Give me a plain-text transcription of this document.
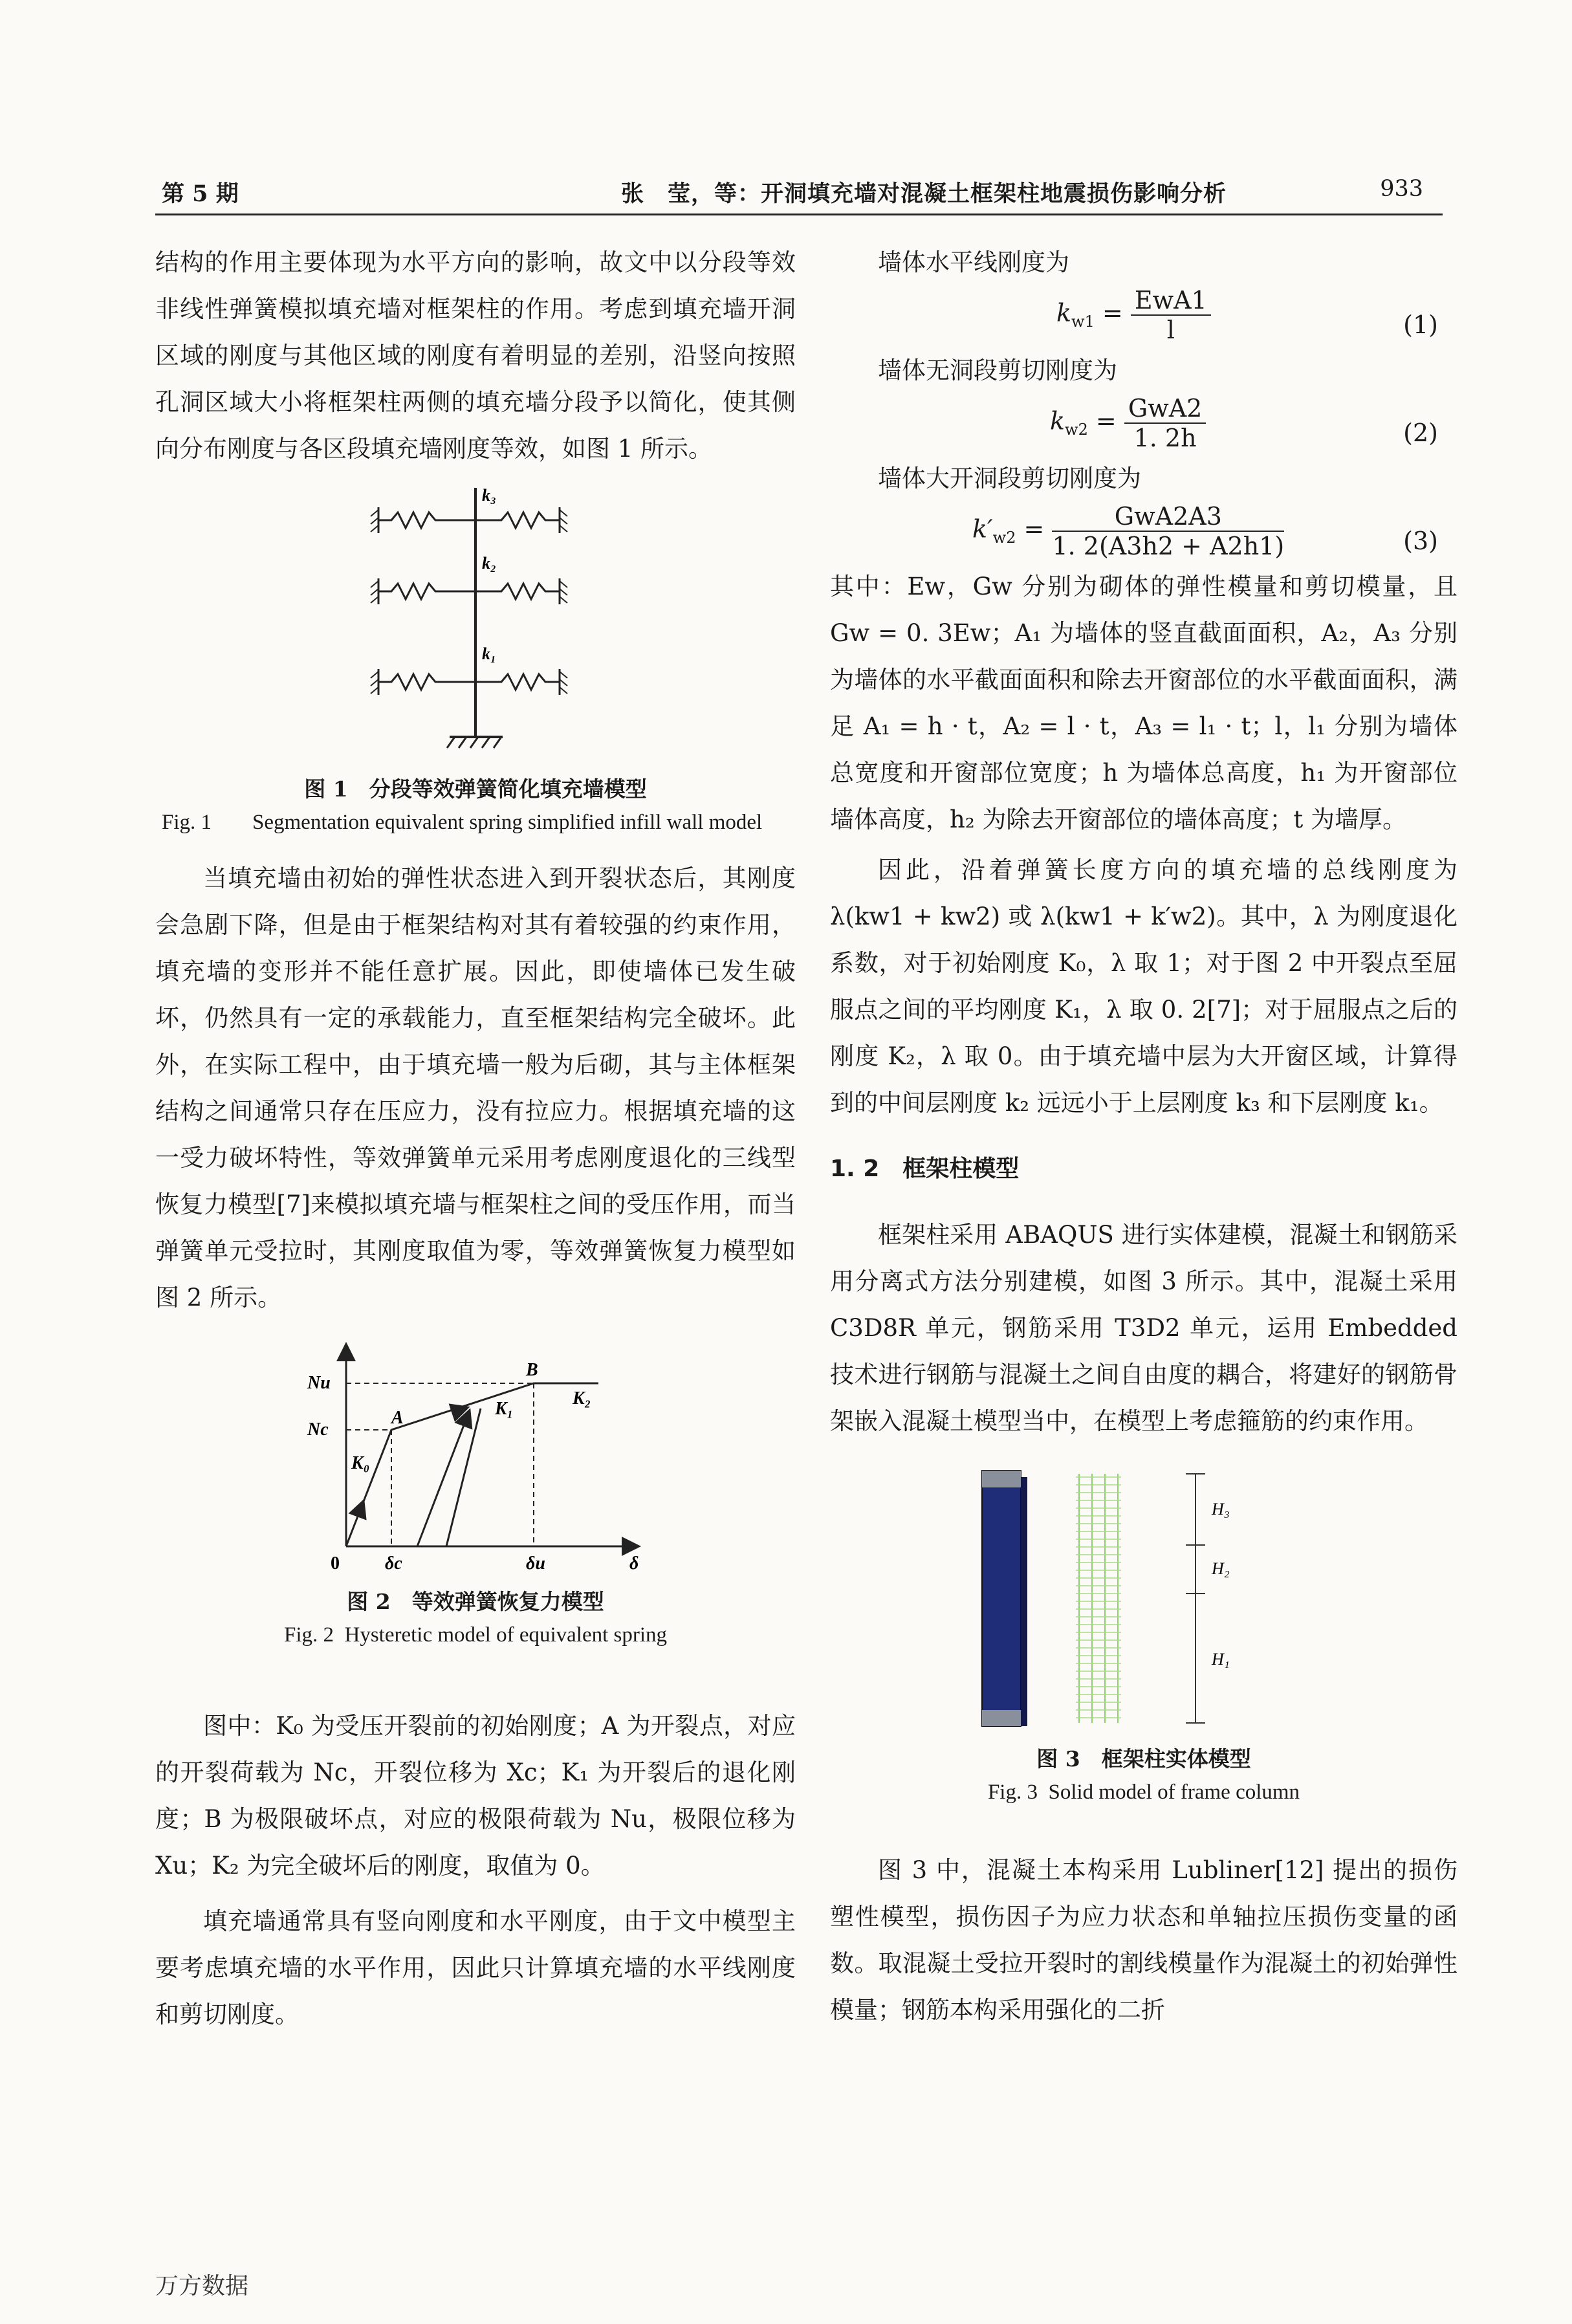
第 5 期	张　莹，等：开洞填充墙对混凝土框架柱地震损伤影响分析	933

结构的作用主要体现为水平方向的影响，故文中以分段等效非线性弹簧模拟填充墙对框架柱的作用。考虑到填充墙开洞区域的刚度与其他区域的刚度有着明显的差别，沿竖向按照孔洞区域大小将框架柱两侧的填充墙分段予以简化，使其侧向分布刚度与各区段填充墙刚度等效，如图 1 所示。

k₃
k₂
k₁
图 1　分段等效弹簧简化填充墙模型
Fig. 1 Segmentation equivalent spring simplified infill wall model

当填充墙由初始的弹性状态进入到开裂状态后，其刚度会急剧下降，但是由于框架结构对其有着较强的约束作用，填充墙的变形并不能任意扩展。因此，即使墙体已发生破坏，仍然具有一定的承载能力，直至框架结构完全破坏。此外，在实际工程中，由于填充墙一般为后砌，其与主体框架结构之间通常只存在压应力，没有拉应力。根据填充墙的这一受力破坏特性，等效弹簧单元采用考虑刚度退化的三线型恢复力模型[7]来模拟填充墙与框架柱之间的受压作用，而当弹簧单元受拉时，其刚度取值为零，等效弹簧恢复力模型如图 2 所示。

Nu
Nc
B
A	K₁
K₂
K₀
0	δc	δu	δ
图 2　等效弹簧恢复力模型
Fig. 2 Hysteretic model of equivalent spring

图中：K₀ 为受压开裂前的初始刚度；A 为开裂点，对应的开裂荷载为 Nc，开裂位移为 Xc；K₁ 为开裂后的退化刚度；B 为极限破坏点，对应的极限荷载为 Nu，极限位移为 Xu；K₂ 为完全破坏后的刚度，取值为 0。

填充墙通常具有竖向刚度和水平刚度，由于文中模型主要考虑填充墙的水平作用，因此只计算填充墙的水平线刚度和剪切刚度。

墙体水平线刚度为

$k_{w1} = \frac{\text{EwA1}}{l}$	(1)

墙体无洞段剪切刚度为

$k_{w2} = \frac{\text{GwA2}}{1. 2h}$	(2)

墙体大开洞段剪切刚度为

$k'_{w2} = \frac{\text{GwA2A3}}{1. 2(A3h2 + A2h1)}$	(3)

其中：Ew，Gw 分别为砌体的弹性模量和剪切模量，且 Gw = 0. 3Ew；A₁ 为墙体的竖直截面面积，A₂，A₃ 分别为墙体的水平截面面积和除去开窗部位的水平截面面积，满足 A₁ = h · t，A₂ = l · t，A₃ = l₁ · t；l，l₁ 分别为墙体总宽度和开窗部位宽度；h 为墙体总高度，h₁ 为开窗部位墙体高度，h₂ 为除去开窗部位的墙体高度；t 为墙厚。

因此，沿着弹簧长度方向的填充墙的总线刚度为 λ(kw1 + kw2) 或 λ(kw1 + k′w2)。其中，λ 为刚度退化系数，对于初始刚度 K₀，λ 取 1；对于图 2 中开裂点至屈服点之间的平均刚度 K₁，λ 取 0. 2[7]；对于屈服点之后的刚度 K₂，λ 取 0。由于填充墙中层为大开窗区域，计算得到的中间层刚度 k₂ 远远小于上层刚度 k₃ 和下层刚度 k₁。

1. 2　框架柱模型

框架柱采用 ABAQUS 进行实体建模，混凝土和钢筋采用分离式方法分别建模，如图 3 所示。其中，混凝土采用 C3D8R 单元，钢筋采用 T3D2 单元，运用 Embedded 技术进行钢筋与混凝土之间自由度的耦合，将建好的钢筋骨架嵌入混凝土模型当中，在模型上考虑箍筋的约束作用。

H₃
H₂
H₁
图 3　框架柱实体模型
Fig. 3 Solid model of frame column

图 3 中，混凝土本构采用 Lubliner[12] 提出的损伤塑性模型，损伤因子为应力状态和单轴拉压损伤变量的函数。取混凝土受拉开裂时的割线模量作为混凝土的初始弹性模量；钢筋本构采用强化的二折

万方数据
